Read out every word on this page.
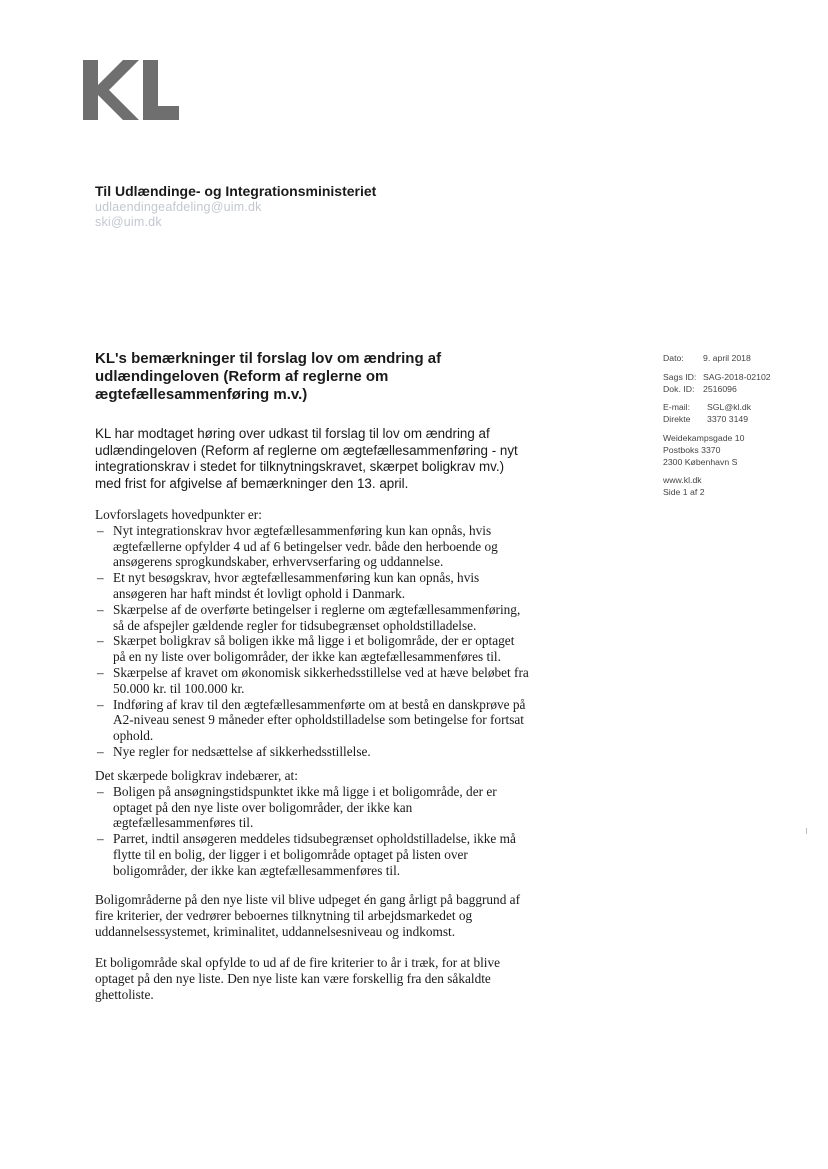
Til Udlændinge- og Integrationsministeriet
udlaendingeafdeling@uim.dk
ski@uim.dk
KL's bemærkninger til forslag lov om ændring af
udlændingeloven (Reform af reglerne om
ægtefællesammenføring m.v.)

KL har modtaget høring over udkast til forslag til lov om ændring af
udlændingeloven (Reform af reglerne om ægtefællesammenføring - nyt
integrationskrav i stedet for tilknytningskravet, skærpet boligkrav mv.)
med frist for afgivelse af bemærkninger den 13. april.

Lovforslagets hovedpunkter er:
– Nyt integrationskrav hvor ægtefællesammenføring kun kan opnås, hvis
ægtefællerne opfylder 4 ud af 6 betingelser vedr. både den herboende og
ansøgerens sprogkundskaber, erhvervserfaring og uddannelse.
– Et nyt besøgskrav, hvor ægtefællesammenføring kun kan opnås, hvis
ansøgeren har haft mindst ét lovligt ophold i Danmark.
– Skærpelse af de overførte betingelser i reglerne om ægtefællesammenføring,
så de afspejler gældende regler for tidsubegrænset opholdstilladelse.
– Skærpet boligkrav så boligen ikke må ligge i et boligområde, der er optaget
på en ny liste over boligområder, der ikke kan ægtefællesammenføres til.
– Skærpelse af kravet om økonomisk sikkerhedsstillelse ved at hæve beløbet fra
50.000 kr. til 100.000 kr.
– Indføring af krav til den ægtefællesammenførte om at bestå en danskprøve på
A2-niveau senest 9 måneder efter opholdstilladelse som betingelse for fortsat
ophold.
– Nye regler for nedsættelse af sikkerhedsstillelse.
Det skærpede boligkrav indebærer, at:
– Boligen på ansøgningstidspunktet ikke må ligge i et boligområde, der er
optaget på den nye liste over boligområder, der ikke kan
ægtefællesammenføres til.
– Parret, indtil ansøgeren meddeles tidsubegrænset opholdstilladelse, ikke må
flytte til en bolig, der ligger i et boligområde optaget på listen over
boligområder, der ikke kan ægtefællesammenføres til.
Boligområderne på den nye liste vil blive udpeget én gang årligt på baggrund af
fire kriterier, der vedrører beboernes tilknytning til arbejdsmarkedet og
uddannelsessystemet, kriminalitet, uddannelsesniveau og indkomst.
Et boligområde skal opfylde to ud af de fire kriterier to år i træk, for at blive
optaget på den nye liste. Den nye liste kan være forskellig fra den såkaldte
ghettoliste.
Dato: 9. april 2018
Sags ID: SAG-2018-02102
Dok. ID: 2516096
E-mail: SGL@kl.dk
Direkte 3370 3149
Weidekampsgade 10
Postboks 3370
2300 København S
www.kl.dk
Side 1 af 2
